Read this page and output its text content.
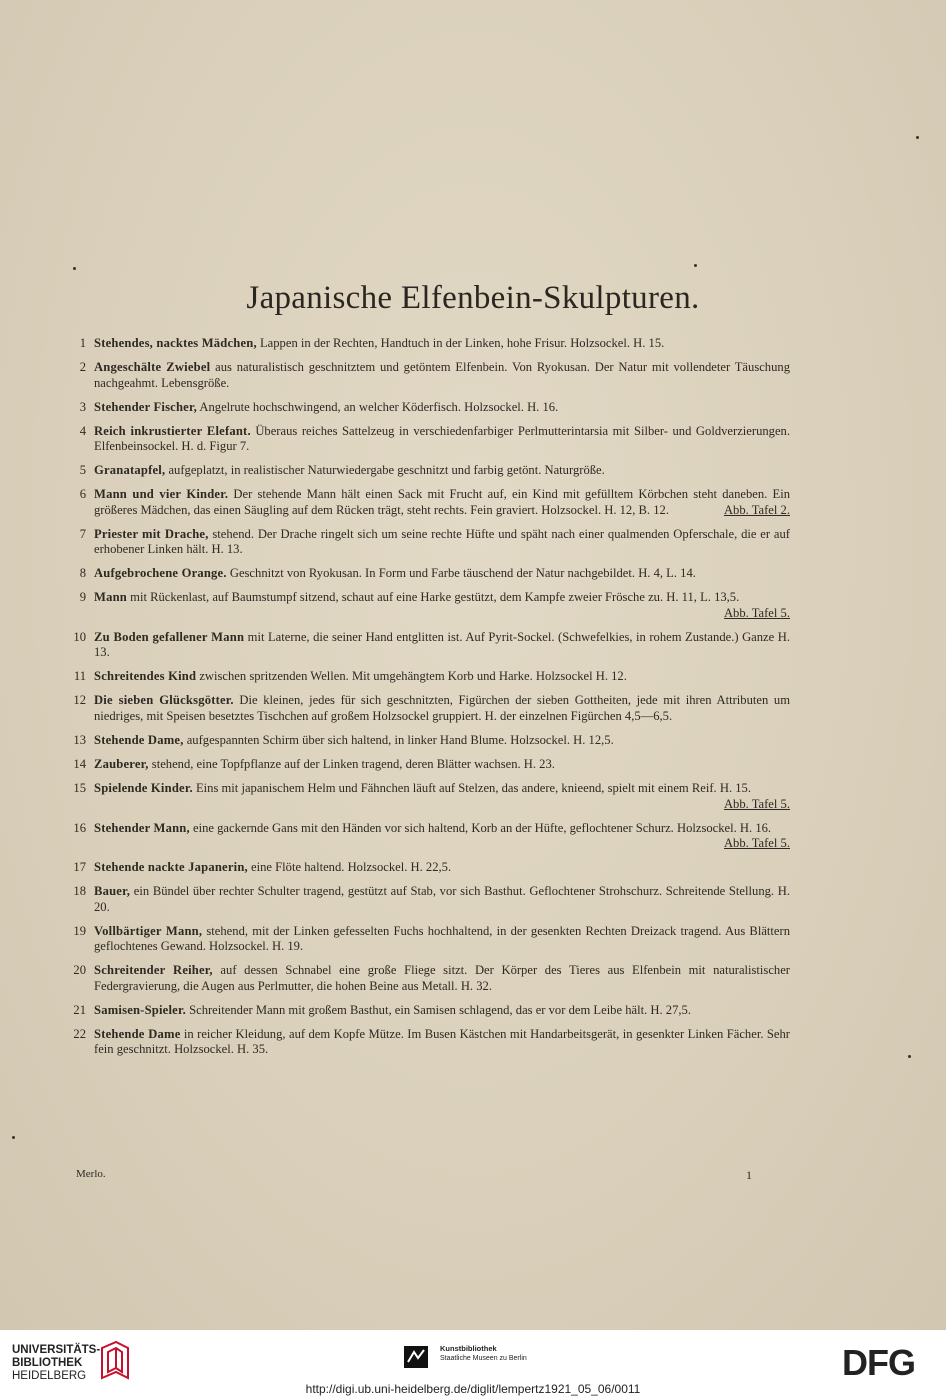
Japanische Elfenbein-Skulpturen.
1 Stehendes, nacktes Mädchen, Lappen in der Rechten, Handtuch in der Linken, hohe Frisur. Holzsockel. H. 15.
2 Angeschälte Zwiebel aus naturalistisch geschnitztem und getöntem Elfenbein. Von Ryokusan. Der Natur mit vollendeter Täuschung nachgeahmt. Lebensgröße.
3 Stehender Fischer, Angelrute hochschwingend, an welcher Köderfisch. Holzsockel. H. 16.
4 Reich inkrustierter Elefant. Überaus reiches Sattelzeug in verschiedenfarbiger Perlmutterintarsia mit Silber- und Goldverzierungen. Elfenbeinsockel. H. d. Figur 7.
5 Granatapfel, aufgeplatzt, in realistischer Naturwiedergabe geschnitzt und farbig getönt. Naturgröße.
6 Mann und vier Kinder. Der stehende Mann hält einen Sack mit Frucht auf, ein Kind mit gefülltem Körbchen steht daneben. Ein größeres Mädchen, das einen Säugling auf dem Rücken trägt, steht rechts. Fein graviert. Holzsockel. H. 12, B. 12.	Abb. Tafel 2.
7 Priester mit Drache, stehend. Der Drache ringelt sich um seine rechte Hüfte und späht nach einer qualmenden Opferschale, die er auf erhobener Linken hält. H. 13.
8 Aufgebrochene Orange. Geschnitzt von Ryokusan. In Form und Farbe täuschend der Natur nachgebildet. H. 4, L. 14.
9 Mann mit Rückenlast, auf Baumstumpf sitzend, schaut auf eine Harke gestützt, dem Kampfe zweier Frösche zu. H. 11, L. 13,5.
Abb. Tafel 5.
10 Zu Boden gefallener Mann mit Laterne, die seiner Hand entglitten ist. Auf Pyrit-Sockel. (Schwefelkies, in rohem Zustande.) Ganze H. 13.
11 Schreitendes Kind zwischen spritzenden Wellen. Mit umgehängtem Korb und Harke. Holzsockel H. 12.
12 Die sieben Glücksgötter. Die kleinen, jedes für sich geschnitzten, Figürchen der sieben Gottheiten, jede mit ihren Attributen um niedriges, mit Speisen besetztes Tischchen auf großem Holzsockel gruppiert. H. der einzelnen Figürchen 4,5—6,5.
13 Stehende Dame, aufgespannten Schirm über sich haltend, in linker Hand Blume. Holzsockel. H. 12,5.
14 Zauberer, stehend, eine Topfpflanze auf der Linken tragend, deren Blätter wachsen. H. 23.
15 Spielende Kinder. Eins mit japanischem Helm und Fähnchen läuft auf Stelzen, das andere, knieend, spielt mit einem Reif. H. 15.
Abb. Tafel 5.
16 Stehender Mann, eine gackernde Gans mit den Händen vor sich haltend, Korb an der Hüfte, geflochtener Schurz. Holzsockel. H. 16.
Abb. Tafel 5.
17 Stehende nackte Japanerin, eine Flöte haltend. Holzsockel. H. 22,5.
18 Bauer, ein Bündel über rechter Schulter tragend, gestützt auf Stab, vor sich Basthut. Geflochtener Strohschurz. Schreitende Stellung. H. 20.
19 Vollbärtiger Mann, stehend, mit der Linken gefesselten Fuchs hochhaltend, in der gesenkten Rechten Dreizack tragend. Aus Blättern geflochtenes Gewand. Holzsockel. H. 19.
20 Schreitender Reiher, auf dessen Schnabel eine große Fliege sitzt. Der Körper des Tieres aus Elfenbein mit naturalistischer Federgravierung, die Augen aus Perlmutter, die hohen Beine aus Metall. H. 32.
21 Samisen-Spieler. Schreitender Mann mit großem Basthut, ein Samisen schlagend, das er vor dem Leibe hält. H. 27,5.
22 Stehende Dame in reicher Kleidung, auf dem Kopfe Mütze. Im Busen Kästchen mit Handarbeitsgerät, in gesenkter Linken Fächer. Sehr fein geschnitzt. Holzsockel. H. 35.
Merlo.	1
UNIVERSITÄTS-
BIBLIOTHEK
HEIDELBERG
Kunstbibliothek
Staatliche Museen zu Berlin	DFG
http://digi.ub.uni-heidelberg.de/diglit/lempertz1921_05_06/0011
